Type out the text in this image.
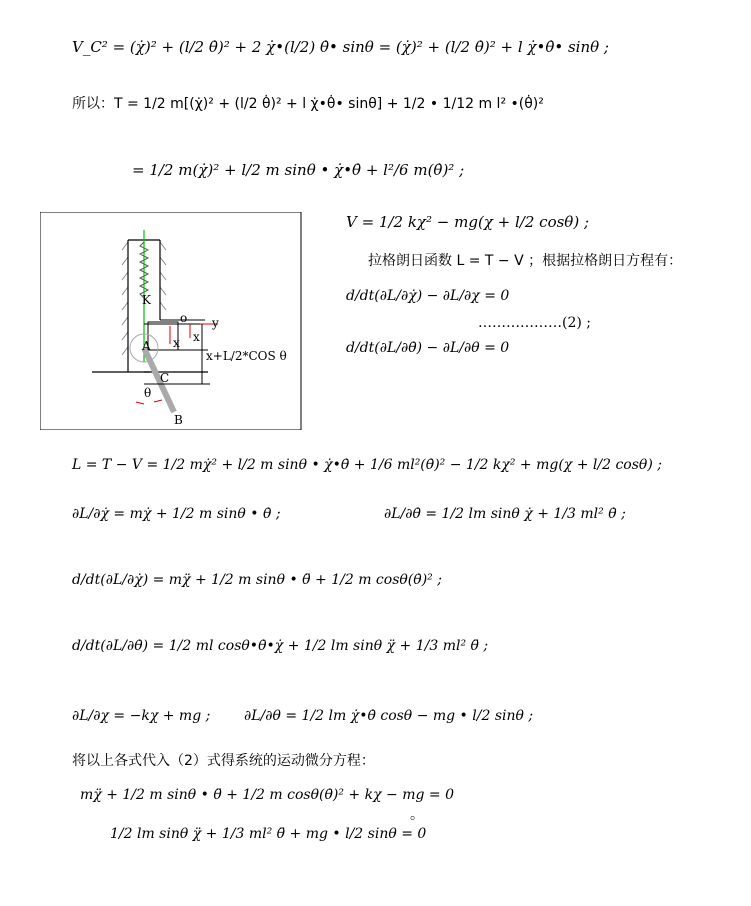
V_C² = (χ̇)² + (l/2 θ̇)² + 2 χ̇•(l/2) θ̇• sinθ = (χ̇)² + (l/2 θ̇)² + l χ̇•θ̇• sinθ ;
所以：T = 1/2 m[(χ̇)² + (l/2 θ̇)² + l χ̇•θ̇• sinθ] + 1/2 • 1/12 m l² •(θ̇)²
= 1/2 m(χ̇)² + l/2 m sinθ • χ̇•θ̇ + l²/6 m(θ̇)² ;
K
o y
A x x
C
B
θ
x+L/2*COS θ
V = 1/2 kχ² − mg(χ + l/2 cosθ) ;
拉格朗日函数 L = T − V ；根据拉格朗日方程有：
d/dt(∂L/∂χ̇) − ∂L/∂χ = 0
………………(2) ;
d/dt(∂L/∂θ̇) − ∂L/∂θ = 0
L = T − V = 1/2 mχ̇² + l/2 m sinθ • χ̇•θ̇ + 1/6 ml²(θ̇)² − 1/2 kχ² + mg(χ + l/2 cosθ) ;
∂L/∂χ̇ = mχ̇ + 1/2 m sinθ • θ̇ ;	∂L/∂θ̇ = 1/2 lm sinθ χ̇ + 1/3 ml² θ̇ ;
d/dt(∂L/∂χ̇) = mχ̈ + 1/2 m sinθ • θ̈ + 1/2 m cosθ(θ̇)² ;
d/dt(∂L/∂θ̇) = 1/2 ml cosθ•θ̇•χ̇ + 1/2 lm sinθ χ̈ + 1/3 ml² θ̈ ;
∂L/∂χ = −kχ + mg ; ∂L/∂θ = 1/2 lm χ̇•θ̇ cosθ − mg • l/2 sinθ ;
将以上各式代入（2）式得系统的运动微分方程：
mχ̈ + 1/2 m sinθ • θ̈ + 1/2 m cosθ(θ̇)² + kχ − mg = 0
。
1/2 lm sinθ χ̈ + 1/3 ml² θ̈ + mg • l/2 sinθ = 0
